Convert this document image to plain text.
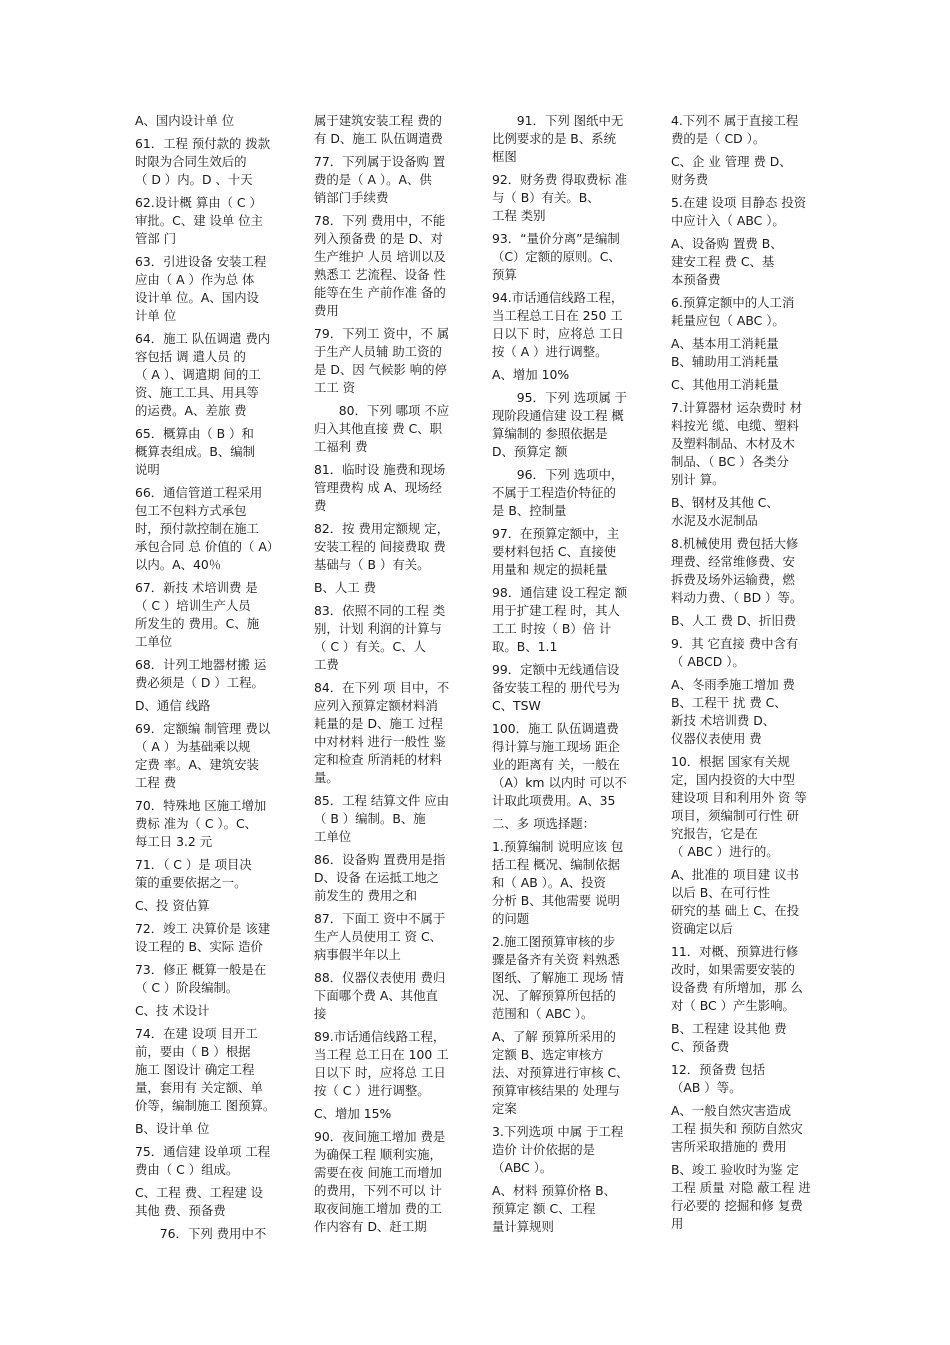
A、国内设计单 位

61．工程 预付款的 拨款
时限为合同生效后的
（ D ）内。D 、十天

62.设计概 算由（ C ）
审批。C、建 设单 位主
管部 门

63．引进设备 安装工程
应由（ A ）作为总 体
设计单 位。A、国内设
计单 位

64．施工 队伍调遣 费内
容包括 调 遣人员 的
（ A ）、调遣期 间的工
资、施工工具、用具等
的运费。A、差旅 费

65．概算由（ B ）和
概算表组成。B、编制
说明

66．通信管道工程采用
包工不包料方式承包
时，预付款控制在施工
承包合同 总 价值的（ A）
以内。A、40％

67．新技 术培训费 是
（ C ）培训生产人员
所发生的 费用。C、施
工单位

68．计列工地器材搬 运
费必须是（ D ）工程。

D、通信 线路

69．定额编 制管理 费以
（ A ）为基础乘以规
定费 率。A、建筑安装
工程 费

70．特殊地 区施工增加
费标 准为（ C ）。C、
每工日 3.2 元

71．（ C ）是 项目决
策的重要依据之一。

C、投 资估算

72．竣工 决算价是 该建
设工程的 B、实际 造价

73．修正 概算一般是在
（ C ）阶段编制。

C、技 术设计

74．在建 设项 目开工
前，要由（ B ）根据
施工 图设计 确定工程
量，套用有 关定额、单
价等，编制施工 图预算。

B、设计单 位

75．通信建 设单项 工程
费由（ C ）组成。

C、工程 费、工程建 设
其他 费、预备费

　　76．下列 费用中不

属于建筑安装工程 费的
有 D、施工 队伍调遣费

77．下列属于设备购 置
费的是（ A ）。A、供
销部门手续费

78．下列 费用中，不能
列入预备费 的是 D、对
生产维护 人员 培训以及
熟悉工 艺流程、设备 性
能等在生 产前作准 备的
费用

79．下列工 资中，不 属
于生产人员辅 助工资的
是 D、因 气候影 响的停
工工 资

　　80．下列 哪项 不应
归入其他直接 费 C、职
工福利 费

81．临时设 施费和现场
管理费构 成 A、现场经
费

82．按 费用定额规 定，
安装工程的 间接费取 费
基础与（ B ）有关。

B、人工 费

83．依照不同的工程 类
别，计划 利润的计算与
（ C ）有关。C、人
工费

84．在下列 项 目中，不
应列入预算定额材料消
耗量的是 D、施工 过程
中对材料 进行一般性 鉴
定和检查 所消耗的材料
量。

85．工程 结算文件 应由
（ B ）编制。B、施
工单位

86．设备购 置费用是指
D、设备 在运抵工地之
前发生的 费用之和

87．下面工 资中不属于
生产人员使用工 资 C、
病事假半年以上

88．仪器仪表使用 费归
下面哪个费 A、其他直
接

89.市话通信线路工程，
当工程 总工日在 100 工
日以下 时，应将总 工日
按（ C ）进行调整。

C、增加 15%

90．夜间施工增加 费是
为确保工程 顺利实施，
需要在夜 间施工而增加
的费用，下列不可以 计
取夜间施工增加 费的工
作内容有 D、赶工期

　　91．下列 图纸中无
比例要求的是 B、系统
框图

92．财务费 得取费标 准
与（ B）有关。B、
工程 类别

93．“量价分离”是编制
（C）定额的原则。C、
预算

94.市话通信线路工程，
当工程总工日在 250 工
日以下 时，应将总 工日
按（ A ）进行调整。

A、增加 10%

　　95．下列 选项属 于
现阶段通信建 设工程 概
算编制的 参照依据是
D、预算定 额

　　96．下列 选项中，
不属于工程造价特征的
是 B、控制量

97．在预算定额中，主
要材料包括 C、直接使
用量和 规定的损耗量

98．通信建 设工程定 额
用于扩建工程 时，其人
工工 时按（ B）倍 计
取。B、1.1

99．定额中无线通信设
备安装工程的 册代号为
C、TSW

100．施工 队伍调遣费
得计算与施工现场 距企
业的距离有 关，一般在
（A）km 以内时 可以不
计取此项费用。A、35

二、多 项选择题：

1.预算编制 说明应该 包
括工程 概况、编制依据
和（ AB ）。A、投资
分析 B、其他需要 说明
的问题

2.施工图预算审核的步
骤是备齐有关资 料熟悉
图纸、了解施工 现场 情
况、了解预算所包括的
范围和（ ABC ）。

A、了解 预算所采用的
定额 B、选定审核方
法、对预算进行审核 C、
预算审核结果的 处理与
定案

3.下列选项 中属 于工程
造价 计价依据的是
（ABC ）。

A、材料 预算价格 B、
预算定 额 C、工程
量计算规则

4.下列不 属于直接工程
费的是（ CD ）。

C、企 业 管理 费 D、
财务费

5.在建 设项 目静态 投资
中应计入（ ABC ）。

A、设备购 置费 B、
建安工程 费 C、基
本预备费

6.预算定额中的人工消
耗量应包（ ABC ）。

A、基本用工消耗量
B、辅助用工消耗量

C、其他用工消耗量

7.计算器材 运杂费时 材
料按光 缆、电缆、塑料
及塑料制品、木材及木
制品、（ BC ）各类分
别计 算。

B、钢材及其他 C、
水泥及水泥制品

8.机械使用 费包括大修
理费、经常维修费、安
拆费及场外运输费，燃
料动力费、（ BD ）等。

B、人工 费 D、折旧费

9．其 它直接 费中含有
（ ABCD ）。

A、冬雨季施工增加 费
B、工程干 扰 费 C、
新技 术培训费 D、
仪器仪表使用 费

10．根据 国家有关规
定，国内投资的大中型
建设项 目和利用外 资 等
项目，须编制可行性 研
究报告，它是在
（ ABC ）进行的。

A、批准的 项目建 议书
以后 B、在可行性
研究的基 础上 C、在投
资确定以后

11．对概、预算进行修
改时，如果需要安装的
设备费 有所增加，那 么
对（ BC ）产生影响。

B、工程建 设其他 费
C、预备费

12．预备费 包括
（AB ）等。

A、一般自然灾害造成
工程 损失和 预防自然灾
害所采取措施的 费用

B、竣工 验收时为鉴 定
工程 质量 对隐 蔽工程 进
行必要的 挖掘和修 复费
用
